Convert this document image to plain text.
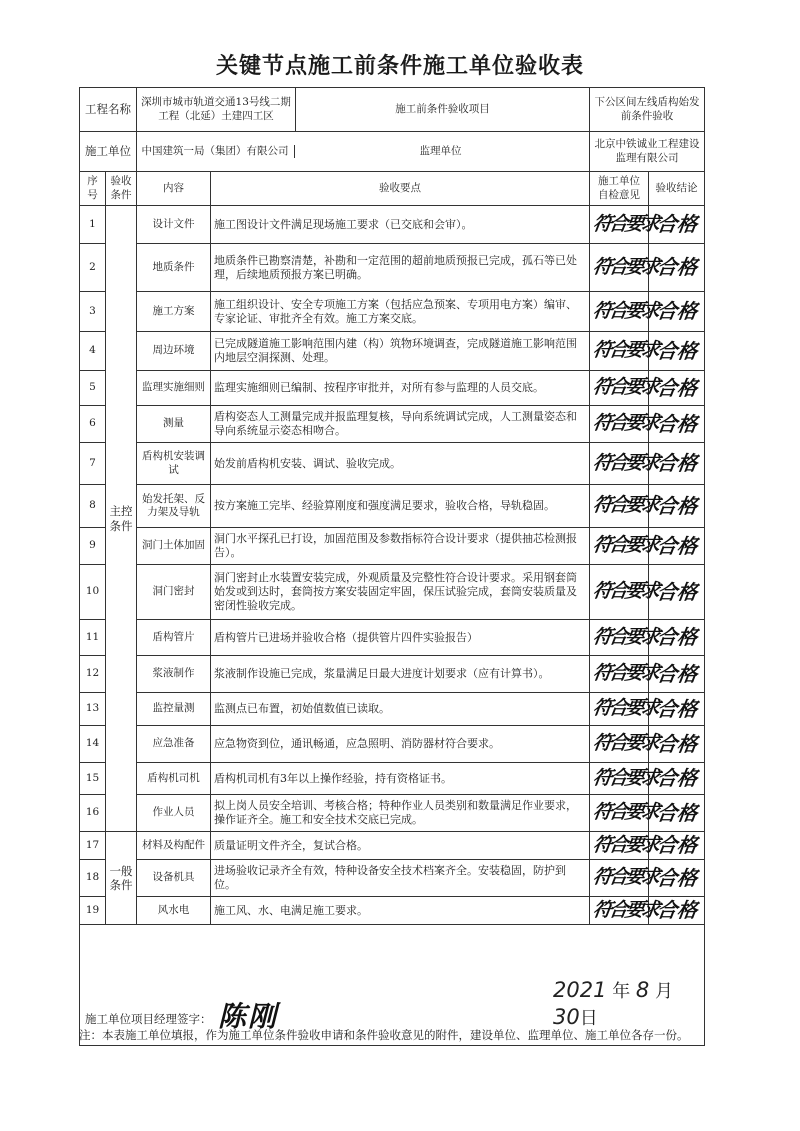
关键节点施工前条件施工单位验收表
工程名称		深圳市城市轨道交通13号线二期工程（北延）土建四工区
施工前条件验收项目		下公区间左线盾构始发前条件验收	
施工单位		中国建筑一局（集团）有限公司 监理单位		北京中铁诚业工程建设监理有限公司	
序号	验收条件	内容	验收要点	施工单位自检意见	验收结论
1	主控条件	设计文件	施工图设计文件满足现场施工要求（已交底和会审）。	符合要求	合格
2		地质条件	地质条件已勘察清楚，补勘和一定范围的超前地质预报已完成，孤石等已处理，后续地质预报方案已明确。	符合要求	合格
3		施工方案	施工组织设计、安全专项施工方案（包括应急预案、专项用电方案）编审、专家论证、审批齐全有效。施工方案交底。	符合要求	合格
4		周边环境	已完成隧道施工影响范围内建（构）筑物环境调查，完成隧道施工影响范围内地层空洞探测、处理。	符合要求	合格
5		监理实施细则	监理实施细则已编制、按程序审批并，对所有参与监理的人员交底。	符合要求	合格
6		测量	盾构姿态人工测量完成并报监理复核，导向系统调试完成，人工测量姿态和导向系统显示姿态相吻合。	符合要求	合格
7		盾构机安装调试	始发前盾构机安装、调试、验收完成。	符合要求	合格
8		始发托架、反力架及导轨	按方案施工完毕、经验算刚度和强度满足要求，验收合格，导轨稳固。	符合要求	合格
9		洞门土体加固	洞门水平探孔已打设，加固范围及参数指标符合设计要求（提供抽芯检测报告）。	符合要求	合格
10		洞门密封	洞门密封止水装置安装完成，外观质量及完整性符合设计要求。采用钢套筒始发或到达时，套筒按方案安装固定牢固，保压试验完成，套筒安装质量及密闭性验收完成。	符合要求	合格
11		盾构管片	盾构管片已进场并验收合格（提供管片四件实验报告）	符合要求	合格
12		浆液制作	浆液制作设施已完成，浆量满足日最大进度计划要求（应有计算书）。	符合要求	合格
13		监控量测	监测点已布置，初始值数值已读取。	符合要求	合格
14		应急准备	应急物资到位，通讯畅通，应急照明、消防器材符合要求。	符合要求	合格
15		盾构机司机	盾构机司机有3年以上操作经验，持有资格证书。	符合要求	合格
16		作业人员	拟上岗人员安全培训、考核合格；特种作业人员类别和数量满足作业要求，操作证齐全。施工和安全技术交底已完成。	符合要求	合格
17	一般条件	材料及构配件	质量证明文件齐全，复试合格。	符合要求	合格
18		设备机具	进场验收记录齐全有效，特种设备安全技术档案齐全。安装稳固，防护到位。	符合要求	合格
19		风水电	施工风、水、电满足施工要求。	符合要求	合格

施工单位项目经理签字： 陈刚
2021 年 8 月 30日					
注：本表施工单位填报，作为施工单位条件验收申请和条件验收意见的附件，建设单位、监理单位、施工单位各存一份。
